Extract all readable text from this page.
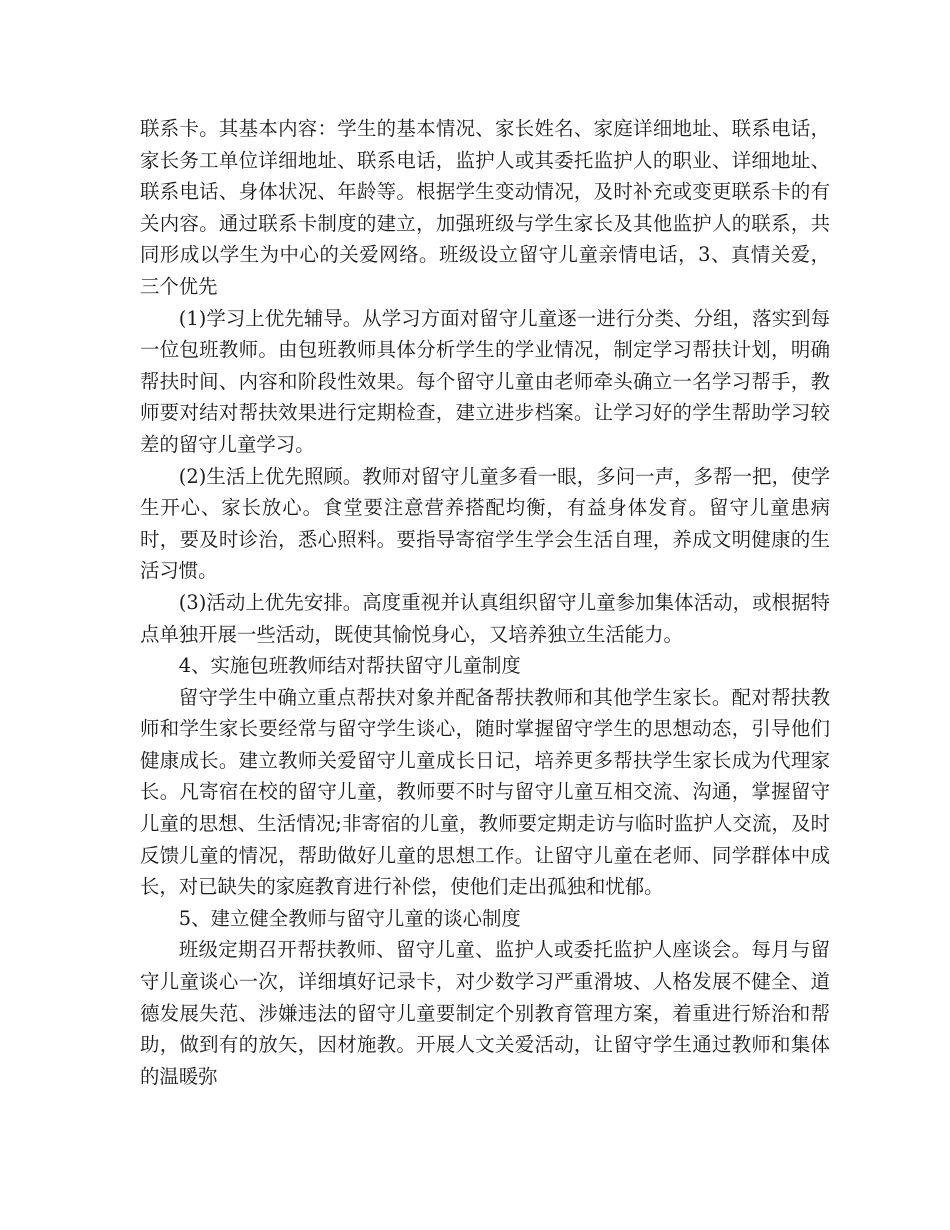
联系卡。其基本内容：学生的基本情况、家长姓名、家庭详细地址、联系电话，家长务工单位详细地址、联系电话，监护人或其委托监护人的职业、详细地址、联系电话、身体状况、年龄等。根据学生变动情况，及时补充或变更联系卡的有关内容。通过联系卡制度的建立，加强班级与学生家长及其他监护人的联系，共同形成以学生为中心的关爱网络。班级设立留守儿童亲情电话，3、真情关爱，三个优先

(1)学习上优先辅导。从学习方面对留守儿童逐一进行分类、分组，落实到每一位包班教师。由包班教师具体分析学生的学业情况，制定学习帮扶计划，明确帮扶时间、内容和阶段性效果。每个留守儿童由老师牵头确立一名学习帮手，教师要对结对帮扶效果进行定期检查，建立进步档案。让学习好的学生帮助学习较差的留守儿童学习。

(2)生活上优先照顾。教师对留守儿童多看一眼，多问一声，多帮一把，使学生开心、家长放心。食堂要注意营养搭配均衡，有益身体发育。留守儿童患病时，要及时诊治，悉心照料。要指导寄宿学生学会生活自理，养成文明健康的生活习惯。

(3)活动上优先安排。高度重视并认真组织留守儿童参加集体活动，或根据特点单独开展一些活动，既使其愉悦身心，又培养独立生活能力。

4、实施包班教师结对帮扶留守儿童制度

留守学生中确立重点帮扶对象并配备帮扶教师和其他学生家长。配对帮扶教师和学生家长要经常与留守学生谈心，随时掌握留守学生的思想动态，引导他们健康成长。建立教师关爱留守儿童成长日记，培养更多帮扶学生家长成为代理家长。凡寄宿在校的留守儿童，教师要不时与留守儿童互相交流、沟通，掌握留守儿童的思想、生活情况;非寄宿的儿童，教师要定期走访与临时监护人交流，及时反馈儿童的情况，帮助做好儿童的思想工作。让留守儿童在老师、同学群体中成长，对已缺失的家庭教育进行补偿，使他们走出孤独和忧郁。

5、建立健全教师与留守儿童的谈心制度

班级定期召开帮扶教师、留守儿童、监护人或委托监护人座谈会。每月与留守儿童谈心一次，详细填好记录卡，对少数学习严重滑坡、人格发展不健全、道德发展失范、涉嫌违法的留守儿童要制定个别教育管理方案，着重进行矫治和帮助，做到有的放矢，因材施教。开展人文关爱活动，让留守学生通过教师和集体的温暖弥
